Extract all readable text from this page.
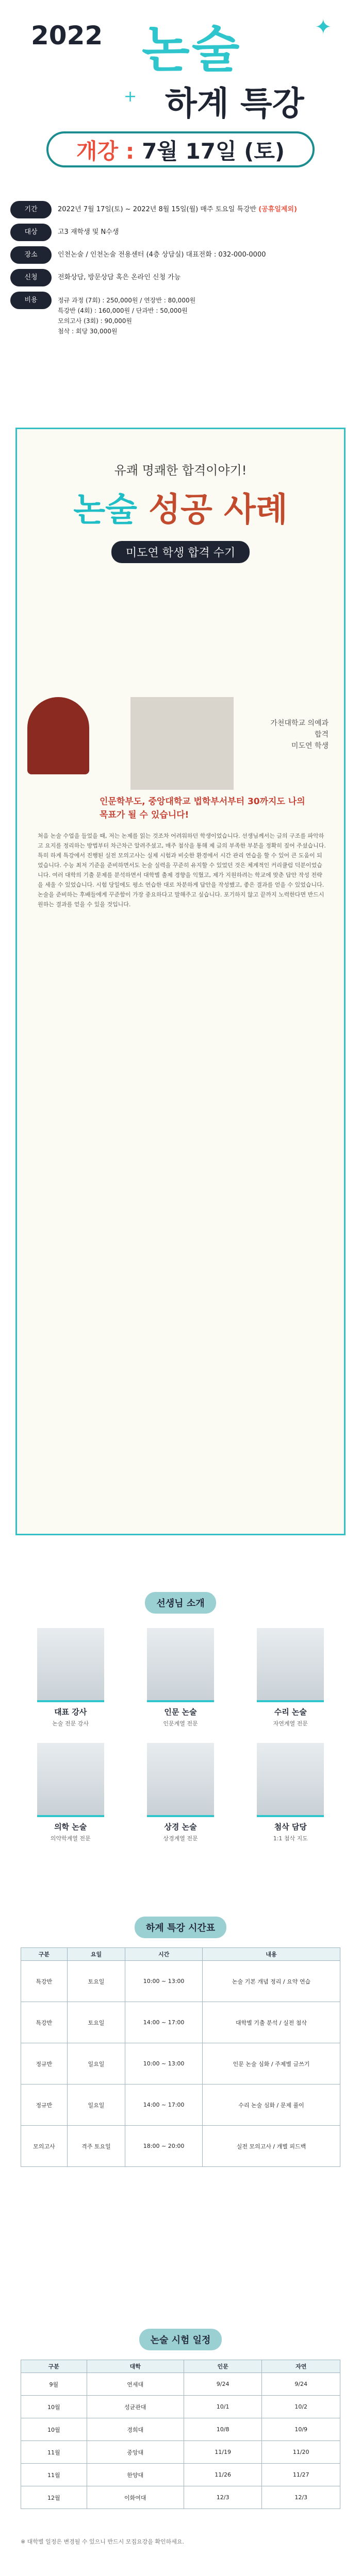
2022 논술	✦
+ 하계 특강
개강 : 7월 17일 (토)
기간	2022년 7월 17일(토) ~ 2022년 8월 15일(월) 매주 토요일 특강반 (공휴일제외)
대상	고3 재학생 및 N수생
장소	인천논술 / 인천논술 전용센터 (4층 상담실) 대표전화 : 032-000-0000
신청	전화상담, 방문상담 혹은 온라인 신청 가능
비용	정규 과정 (7회) : 250,000원 / 연장반 : 80,000원
특강반 (4회) : 160,000원 / 단과반 : 50,000원
모의고사 (3회) : 90,000원
첨삭 : 회당 30,000원
유쾌 명쾌한 합격이야기!
논술 성공 사례
미도연 학생 합격 수기
가천대학교 의예과
합격
미도연 학생
인문학부도, 중앙대학교 법학부서부터 30까지도 나의 목표가 될 수 있습니다!
처음 논술 수업을 들었을 때, 저는 논제를 읽는 것조차 어려워하던 학생이었습니다. 선생님께서는 글의 구조를 파악하고 요지를 정리하는 방법부터 차근차근 알려주셨고, 매주 첨삭을 통해 제 글의 부족한 부분을 정확히 짚어 주셨습니다. 특히 하계 특강에서 진행된 실전 모의고사는 실제 시험과 비슷한 환경에서 시간 관리 연습을 할 수 있어 큰 도움이 되었습니다. 수능 최저 기준을 준비하면서도 논술 실력을 꾸준히 유지할 수 있었던 것은 체계적인 커리큘럼 덕분이었습니다. 여러 대학의 기출 문제를 분석하면서 대학별 출제 경향을 익혔고, 제가 지원하려는 학교에 맞춘 답안 작성 전략을 세울 수 있었습니다. 시험 당일에도 평소 연습한 대로 차분하게 답안을 작성했고, 좋은 결과를 얻을 수 있었습니다. 논술을 준비하는 후배들에게 꾸준함이 가장 중요하다고 말해주고 싶습니다. 포기하지 않고 끝까지 노력한다면 반드시 원하는 결과를 얻을 수 있을 것입니다.
선생님 소개
대표 강사
논술 전문 강사
인문 논술
인문계열 전문
수리 논술
자연계열 전문
의학 논술
의약학계열 전문
상경 논술
상경계열 전문
첨삭 담당
1:1 첨삭 지도
하계 특강 시간표
구분	요일	시간	내용
특강반	토요일	10:00 ~ 13:00	논술 기본 개념 정리 / 요약 연습
특강반	토요일	14:00 ~ 17:00	대학별 기출 분석 / 실전 첨삭
정규반	일요일	10:00 ~ 13:00	인문 논술 심화 / 주제별 글쓰기
정규반	일요일	14:00 ~ 17:00	수리 논술 심화 / 문제 풀이
모의고사	격주 토요일	18:00 ~ 20:00	실전 모의고사 / 개별 피드백
논술 시험 일정
구분	대학	인문	자연
9월	연세대	9/24	9/24
10월	성균관대	10/1	10/2
10월	경희대	10/8	10/9
11월	중앙대	11/19	11/20
11월	한양대	11/26	11/27
12월	이화여대	12/3	12/3
※ 대학별 일정은 변경될 수 있으니 반드시 모집요강을 확인하세요.
